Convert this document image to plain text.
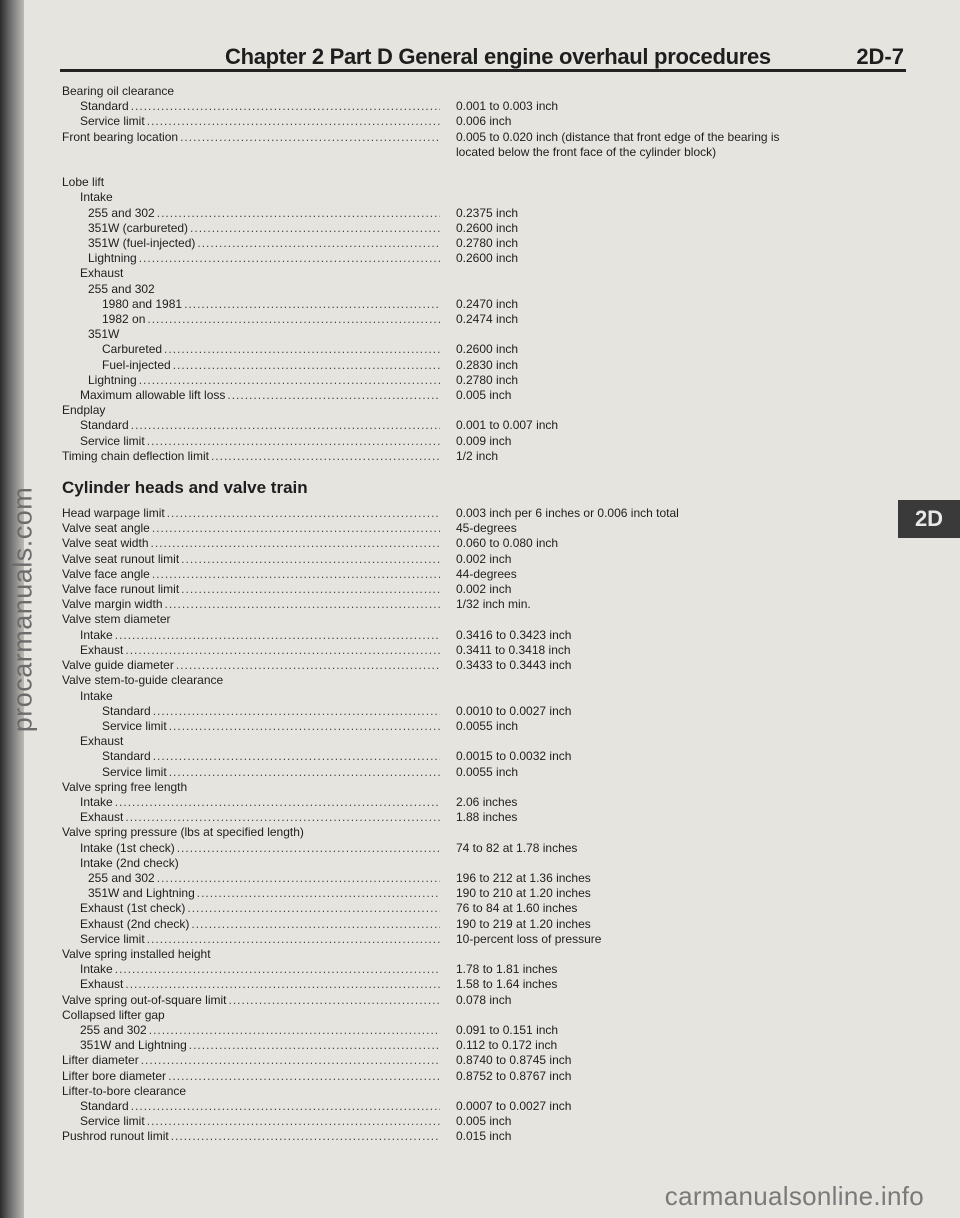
procarmanuals.com
Chapter 2 Part D General engine overhaul procedures	2D-7
2D
Bearing oil clearance
Standard .....	0.001 to 0.003 inch
Service limit .....	0.006 inch
Front bearing location .....	0.005 to 0.020 inch (distance that front edge of the bearing is
located below the front face of the cylinder block)
Lobe lift
Intake
255 and 302 .....	0.2375 inch
351W (carbureted) .....	0.2600 inch
351W (fuel-injected) .....	0.2780 inch
Lightning .....	0.2600 inch
Exhaust
255 and 302
1980 and 1981 .....	0.2470 inch
1982 on .....	0.2474 inch
351W
Carbureted .....	0.2600 inch
Fuel-injected .....	0.2830 inch
Lightning .....	0.2780 inch
Maximum allowable lift loss .....	0.005 inch
Endplay
Standard .....	0.001 to 0.007 inch
Service limit .....	0.009 inch
Timing chain deflection limit .....	1/2 inch
Cylinder heads and valve train
Head warpage limit .....	0.003 inch per 6 inches or 0.006 inch total
Valve seat angle .....	45-degrees
Valve seat width .....	0.060 to 0.080 inch
Valve seat runout limit .....	0.002 inch
Valve face angle .....	44-degrees
Valve face runout limit .....	0.002 inch
Valve margin width .....	1/32 inch min.
Valve stem diameter
Intake .....	0.3416 to 0.3423 inch
Exhaust .....	0.3411 to 0.3418 inch
Valve guide diameter .....	0.3433 to 0.3443 inch
Valve stem-to-guide clearance
Intake
Standard .....	0.0010 to 0.0027 inch
Service limit .....	0.0055 inch
Exhaust
Standard .....	0.0015 to 0.0032 inch
Service limit .....	0.0055 inch
Valve spring free length
Intake .....	2.06 inches
Exhaust .....	1.88 inches
Valve spring pressure (lbs at specified length)
Intake (1st check) .....	74 to 82 at 1.78 inches
Intake (2nd check)
255 and 302 .....	196 to 212 at 1.36 inches
351W and Lightning .....	190 to 210 at 1.20 inches
Exhaust (1st check) .....	76 to 84 at 1.60 inches
Exhaust (2nd check) .....	190 to 219 at 1.20 inches
Service limit .....	10-percent loss of pressure
Valve spring installed height
Intake .....	1.78 to 1.81 inches
Exhaust .....	1.58 to 1.64 inches
Valve spring out-of-square limit .....	0.078 inch
Collapsed lifter gap
255 and 302 .....	0.091 to 0.151 inch
351W and Lightning .....	0.112 to 0.172 inch
Lifter diameter .....	0.8740 to 0.8745 inch
Lifter bore diameter .....	0.8752 to 0.8767 inch
Lifter-to-bore clearance
Standard .....	0.0007 to 0.0027 inch
Service limit .....	0.005 inch
Pushrod runout limit .....	0.015 inch
carmanualsonline.info
